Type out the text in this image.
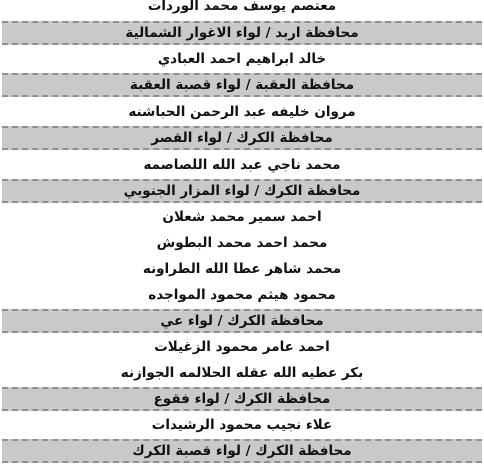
معتصم يوسف محمد الوردات
محافظة اربد / لواء الاغوار الشمالية
خالد ابراهيم احمد العبادي
محافظة العقبة / لواء قصبة العقبة
مروان خليفه عبد الرحمن الحباشنه
محافظة الكرك / لواء القصر
محمد ناجي عبد الله اللصاصمه
محافظة الكرك / لواء المزار الجنوبي
احمد سمير محمد شعلان
محمد احمد محمد البطوش
محمد شاهر عطا الله الطراونه
محمود هيثم محمود المواجده
محافظة الكرك / لواء عي
احمد عامر محمود الزغيلات
بكر عطيه الله عقله الحلالمه الجوازنه
محافظة الكرك / لواء فقوع
علاء نجيب محمود الرشيدات
محافظة الكرك / لواء قصبة الكرك
